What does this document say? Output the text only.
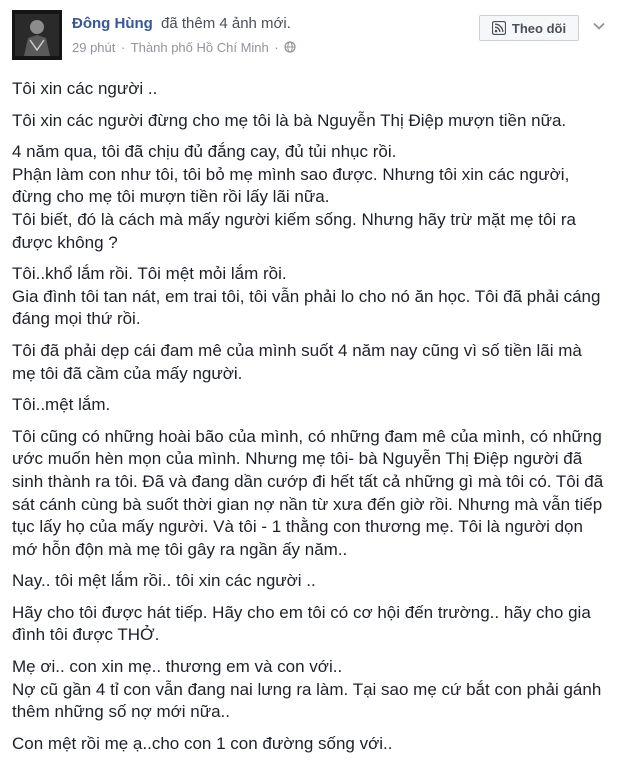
Đông Hùng đã thêm 4 ảnh mới.
29 phút · Thành phố Hồ Chí Minh ·
Theo dõi

Tôi xin các người ..

Tôi xin các người đừng cho mẹ tôi là bà Nguyễn Thị Điệp mượn tiền nữa.

4 năm qua, tôi đã chịu đủ đắng cay, đủ tủi nhục rồi.
Phận làm con như tôi, tôi bỏ mẹ mình sao được. Nhưng tôi xin các người, đừng cho mẹ tôi mượn tiền rồi lấy lãi nữa.
Tôi biết, đó là cách mà mấy người kiếm sống. Nhưng hãy trừ mặt mẹ tôi ra được không ?

Tôi..khổ lắm rồi. Tôi mệt mỏi lắm rồi.
Gia đình tôi tan nát, em trai tôi, tôi vẫn phải lo cho nó ăn học. Tôi đã phải cáng đáng mọi thứ rồi.

Tôi đã phải dẹp cái đam mê của mình suốt 4 năm nay cũng vì số tiền lãi mà mẹ tôi đã cầm của mấy người.

Tôi..mệt lắm.

Tôi cũng có những hoài bão của mình, có những đam mê của mình, có những ước muốn hèn mọn của mình. Nhưng mẹ tôi- bà Nguyễn Thị Điệp người đã sinh thành ra tôi. Đã và đang dần cướp đi hết tất cả những gì mà tôi có. Tôi đã sát cánh cùng bà suốt thời gian nợ nần từ xưa đến giờ rồi. Nhưng mà vẫn tiếp tục lấy họ của mấy người. Và tôi - 1 thằng con thương mẹ. Tôi là người dọn mớ hỗn độn mà mẹ tôi gây ra ngần ấy năm..

Nay.. tôi mệt lắm rồi.. tôi xin các người ..

Hãy cho tôi được hát tiếp. Hãy cho em tôi có cơ hội đến trường.. hãy cho gia đình tôi được THỞ.

Mẹ ơi.. con xin mẹ.. thương em và con với..
Nợ cũ gần 4 tỉ con vẫn đang nai lưng ra làm. Tại sao mẹ cứ bắt con phải gánh thêm những số nợ mới nữa..

Con mệt rồi mẹ ạ..cho con 1 con đường sống với..
